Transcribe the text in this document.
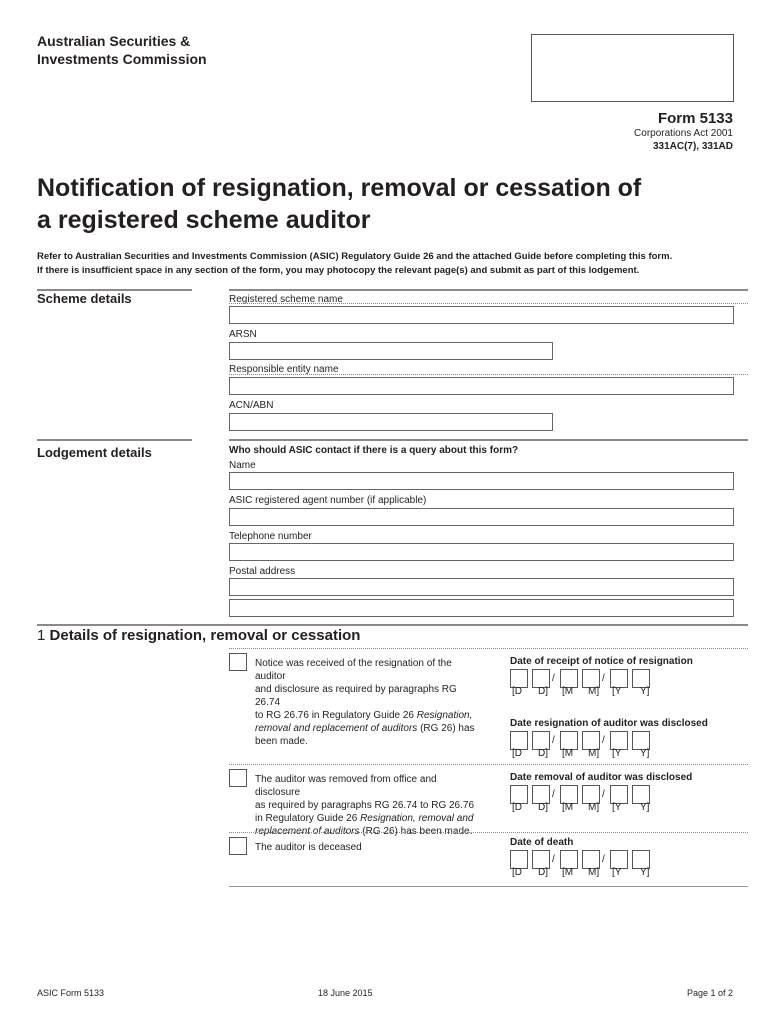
Australian Securities &
Investments Commission
Form 5133
Corporations Act 2001
331AC(7), 331AD
Notification of resignation, removal or cessation of
a registered scheme auditor
Refer to Australian Securities and Investments Commission (ASIC) Regulatory Guide 26 and the attached Guide before completing this form.
If there is insufficient space in any section of the form, you may photocopy the relevant page(s) and submit as part of this lodgement.
Scheme details	Registered scheme name
ARSN
Responsible entity name
ACN/ABN
Lodgement details	Who should ASIC contact if there is a query about this form?
Name
ASIC registered agent number (if applicable)
Telephone number
Postal address
1 Details of resignation, removal or cessation
Notice was received of the resignation of the auditor
and disclosure as required by paragraphs RG 26.74
to RG 26.76 in Regulatory Guide 26 Resignation,
removal and replacement of auditors (RG 26) has
been made.
Date of receipt of notice of resignation
/	/
[D D] [M M] [Y Y]
Date resignation of auditor was disclosed
/	/
[D D] [M M] [Y Y]
The auditor was removed from office and disclosure
as required by paragraphs RG 26.74 to RG 26.76
in Regulatory Guide 26 Resignation, removal and
replacement of auditors (RG 26) has been made.
Date removal of auditor was disclosed
/	/
[D D] [M M] [Y Y]
The auditor is deceased	Date of death
/	/
[D D] [M M] [Y Y]
ASIC Form 5133	18 June 2015	Page 1 of 2
